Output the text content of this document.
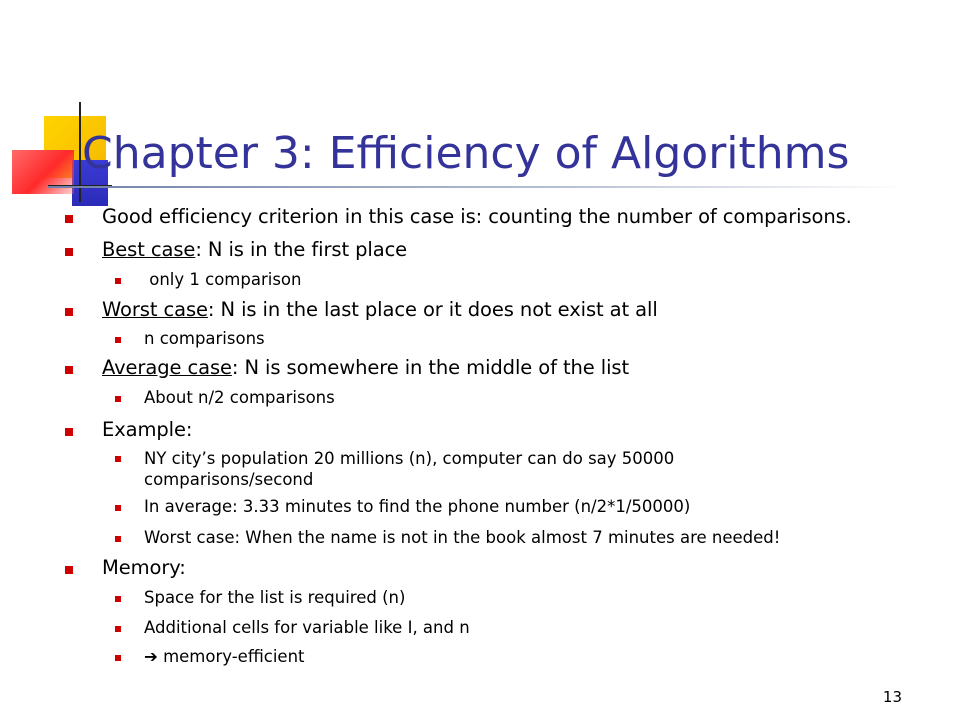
Chapter 3: Efficiency of Algorithms
Good efficiency criterion in this case is: counting the number of comparisons.
Best case: N is in the first place
only 1 comparison
Worst case: N is in the last place or it does not exist at all
n comparisons
Average case: N is somewhere in the middle of the list
About n/2 comparisons
Example:
NY city’s population 20 millions (n), computer can do say 50000
comparisons/second
In average: 3.33 minutes to find the phone number (n/2*1/50000)
Worst case: When the name is not in the book almost 7 minutes are needed!
Memory:
Space for the list is required (n)
Additional cells for variable like I, and n
➔ memory-efficient
13
